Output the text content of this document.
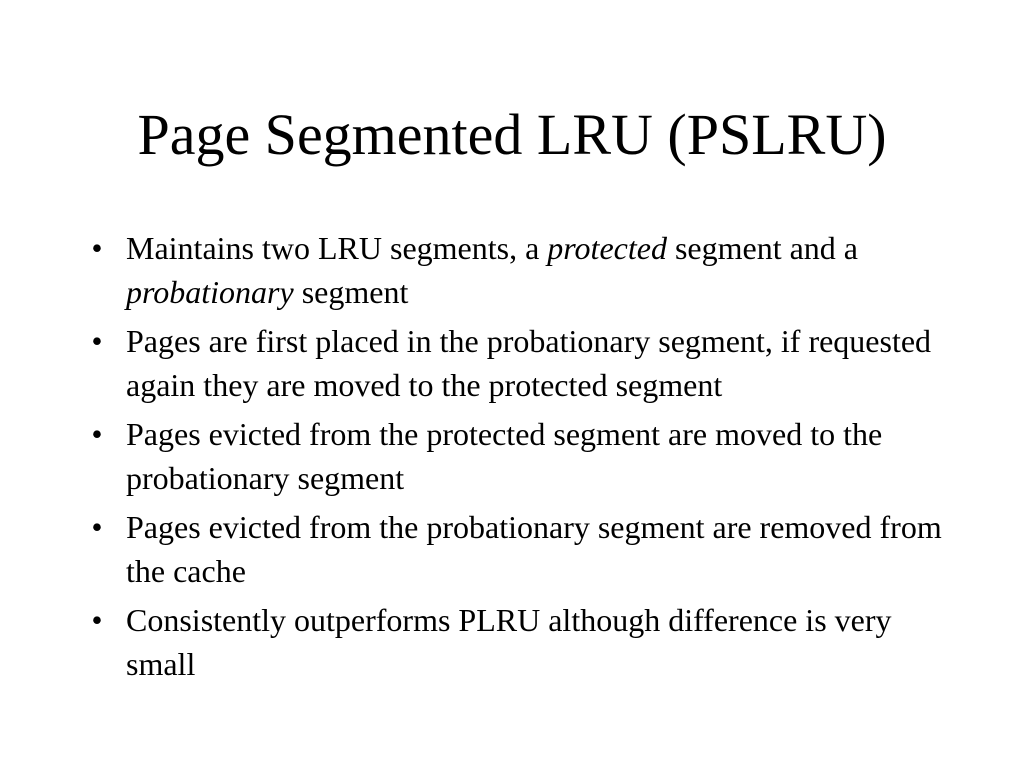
Page Segmented LRU (PSLRU)
• Maintains two LRU segments, a protected segment and a probationary segment
• Pages are first placed in the probationary segment, if requested again they are moved to the protected segment
• Pages evicted from the protected segment are moved to the probationary segment
• Pages evicted from the probationary segment are removed from the cache
• Consistently outperforms PLRU although difference is very small
